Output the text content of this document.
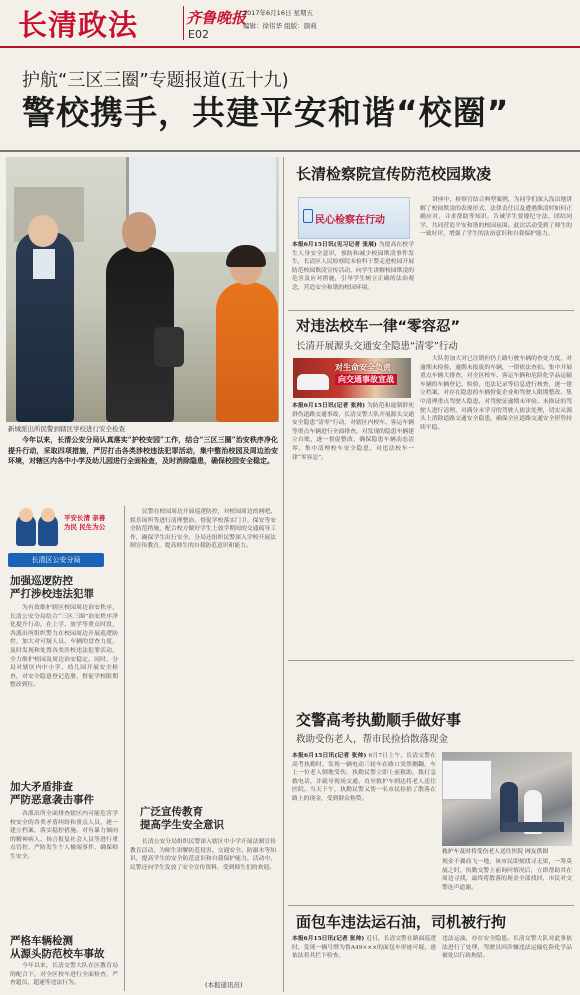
长清政法	齐鲁晚报
E02
2017年6月16日 星期五
编辑：徐伟华 组版：颜莉
护航“三区三圈”专题报道(五十九)
警校携手，共建平安和谐“校圈”
新城派出所民警到辖区学校进行安全检查
今年以来，长清公安分局认真落实“护校安园”工作，结合“三区三圈”治安秩序净化提升行动，采取四项措施，严厉打击各类涉校违法犯罪活动，集中整治校园及周边治安环境，对辖区内各中小学及幼儿园进行全面检查，及时消除隐患，确保校园安全稳定。
平安长清 亲善为民 民生为公
长清区公安分局
加强巡逻防控
严打涉校违法犯罪
为有效维护辖区校园周边治安秩序，长清公安分局结合“三区三圈”治安秩序净化提升行动，在上学、放学等重点时段，各派出所组织警力在校园周边开展巡逻防控，加大对可疑人员、车辆的盘查力度，及时发现和处置各类涉校违法犯罪活动，全力维护校园及周边治安稳定。同时，分局对辖区内中小学、幼儿园开展安全检查，对安全隐患登记造册，督促学校限期整改到位。
加大矛盾排查
严防恶意袭击事件
各派出所全面排查辖区内可能危害学校安全的各类矛盾纠纷和重点人员，逐一建立档案，落实稳控措施，对有暴力倾向的精神病人、扬言报复社会人员等进行重点管控，严防发生个人极端事件，确保师生安全。
严格车辆检测
从源头防范校车事故
今年以来，长清交警大队在区教育局的配合下，对全区校车进行全面检查，严查超员、超速等违法行为。
民警在校园周边开展巡逻防控，对校园周边的网吧、娱乐场所等进行清理整治，督促学校落实门卫、保安等安全防范措施，配合校方做好学生上放学期间的交通疏导工作，确保学生出行安全。分局还组织民警深入学校开展法制宣传教育，提高师生的自我防范意识和能力。
广泛宣传教育
提高学生安全意识
长清公安分局组织民警深入辖区中小学开展法制宣传教育活动，为师生讲解防范侵害、交通安全、防溺水等知识，提高学生的安全防范意识和自我保护能力。活动中，民警还向学生发放了安全宣传资料，受到师生们的欢迎。
(本报通讯员)
长清检察院宣传防范校园欺凌
民心检察在行动
本报6月15日讯(见习记者 张展) 为提高在校学生人身安全意识，预防和减少校园欺凌事件发生，长清区人民检察院未检科干警走进校园开展防范校园欺凌宣传活动，向学生讲解校园欺凌的危害及应对措施，引导学生树立正确的法治观念，营造安全和谐的校园环境。
讲座中，检察官结合典型案例，为同学们深入浅出地讲解了校园欺凌的表现形式、法律责任以及遭遇欺凌时如何正确应对、寻求帮助等知识，告诫学生要遵纪守法、团结同学，共同营造平安和谐的校园氛围。此次活动受到了师生的一致好评，增强了学生的法治意识和自我保护能力。
对违法校车一律“零容忍”
长清开展源头交通安全隐患“清零”行动
对生命安全负责
向交通事故宣战
本报6月15日讯(记者 张帅) 为防范和遏制群死群伤道路交通事故，长清交警大队开展源头交通安全隐患“清零”行动，对辖区内校车、客运车辆等重点车辆进行全面排查，对发现的隐患车辆建立台账，逐一督促整改，确保隐患车辆动态清零。集中清理校车安全隐患，对违法校车一律“零容忍”。
大队将加大对已注销但仍上路行驶车辆的查处力度，对逾期未检验、逾期未报废的车辆，一律依法查扣。集中开展重点车辆大排查，对全区校车、客运车辆和危险化学品运输车辆的车辆登记、检验、违法记录等信息进行核查，逐一建立档案，对存在隐患的车辆督促企业和驾驶人限期整改。集中清理重点驾驶人隐患，对驾驶证逾期未审验、未换证的驾驶人进行清理，对满分未学习的驾驶人依法处理，切实从源头上消除道路交通安全隐患，确保全区道路交通安全形势持续平稳。
交警高考执勤顺手做好事
救助受伤老人，帮市民捡拾散落现金
本报6月15日讯(记者 张帅) 6月7日上午，长清交警在高考执勤时，发现一辆电动三轮车在路口突然侧翻，车上一位老人倒地受伤，执勤民警立即上前救助，拨打急救电话，并疏导现场交通，直至救护车到达将老人送往医院。当天下午，执勤民警又帮一名市民捡拾了散落在路上的现金，受到群众称赞。
救护车及时将受伤老人送往医院 网友供图
现金不翼而飞一地，该市民即刻找寻无果，一筹莫展之时，执勤交警上前询问情况后，立即帮助其在周边寻找，最终将散落的现金全部找回，市民对交警连声道谢。
面包车违法运石油，司机被行拘
本报6月15日讯(记者 张帅) 近日，长清交警在路面巡逻时，发现一辆号牌为鲁A49×××的面包车形迹可疑，遂依法将其拦下检查。
违法运油，存在安全隐患。长清交警大队对此事依法进行了处理，驾驶员因涉嫌违法运输危险化学品被处以行政拘留。
